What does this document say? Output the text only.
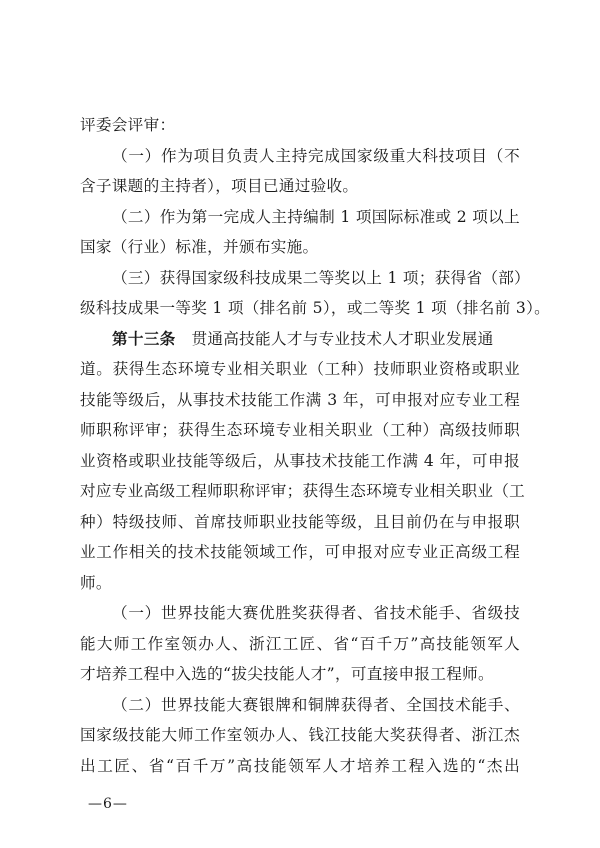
评委会评审：
（一）作为项目负责人主持完成国家级重大科技项目（不
含子课题的主持者），项目已通过验收。
（二）作为第一完成人主持编制 1 项国际标准或 2 项以上
国家（行业）标准，并颁布实施。
（三）获得国家级科技成果二等奖以上 1 项；获得省（部）
级科技成果一等奖 1 项（排名前 5），或二等奖 1 项（排名前 3）。
第十三条　 贯通高技能人才与专业技术人才职业发展通
道。获得生态环境专业相关职业（工种）技师职业资格或职业
技能等级后，从事技术技能工作满 3 年，可申报对应专业工程
师职称评审；获得生态环境专业相关职业（工种）高级技师职
业资格或职业技能等级后，从事技术技能工作满 4 年，可申报
对应专业高级工程师职称评审；获得生态环境专业相关职业（工
种）特级技师、首席技师职业技能等级，且目前仍在与申报职
业工作相关的技术技能领域工作，可申报对应专业正高级工程
师。
（一）世界技能大赛优胜奖获得者、省技术能手、省级技
能大师工作室领办人、浙江工匠、省“百千万”高技能领军人
才培养工程中入选的“拔尖技能人才”，可直接申报工程师。
（二）世界技能大赛银牌和铜牌获得者、全国技术能手、
国家级技能大师工作室领办人、钱江技能大奖获得者、浙江杰
出工匠、省“百千万”高技能领军人才培养工程入选的“杰出
—6—
